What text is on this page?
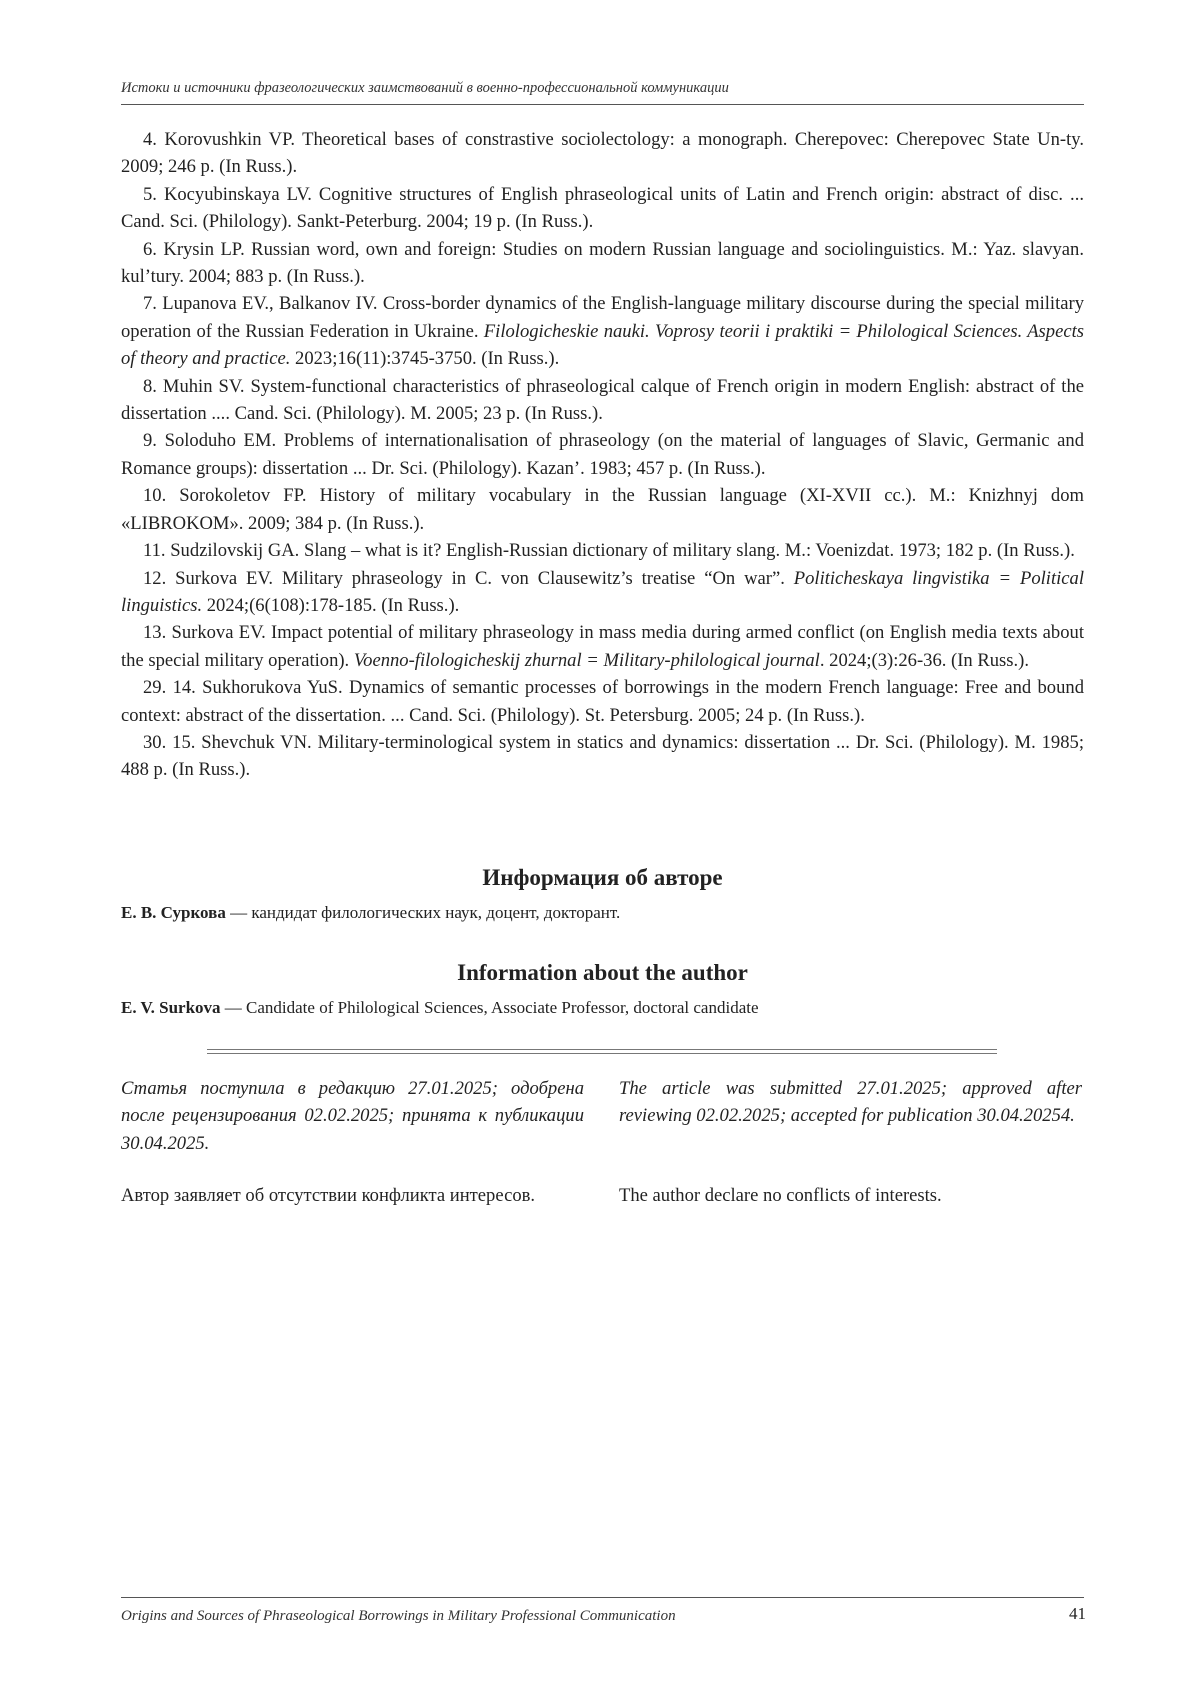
Истоки и источники фразеологических заимствований в военно-профессиональной коммуникации

4. Korovushkin VP. Theoretical bases of constrastive sociolectology: a monograph. Cherepovec: Cherepovec State Un-ty. 2009; 246 p. (In Russ.).

5. Kocyubinskaya LV. Cognitive structures of English phraseological units of Latin and French origin: abstract of disc. ... Cand. Sci. (Philology). Sankt-Peterburg. 2004; 19 p. (In Russ.).

6. Krysin LP. Russian word, own and foreign: Studies on modern Russian language and sociolinguistics. M.: Yaz. slavyan. kul’tury. 2004; 883 p. (In Russ.).

7. Lupanova EV., Balkanov IV. Cross-border dynamics of the English-language military discourse during the special military operation of the Russian Federation in Ukraine. Filologicheskie nauki. Voprosy teorii i praktiki = Philological Sciences. Aspects of theory and practice. 2023;16(11):3745-3750. (In Russ.).

8. Muhin SV. System-functional characteristics of phraseological calque of French origin in modern English: abstract of the dissertation .... Cand. Sci. (Philology). M. 2005; 23 p. (In Russ.).

9. Soloduho EM. Problems of internationalisation of phraseology (on the material of languages of Slavic, Germanic and Romance groups): dissertation ... Dr. Sci. (Philology). Kazan’. 1983; 457 p. (In Russ.).

10. Sorokoletov FP. History of military vocabulary in the Russian language (XI-XVII cc.). M.: Knizhnyj dom «LIBROKOM». 2009; 384 p. (In Russ.).

11. Sudzilovskij GA. Slang – what is it? English-Russian dictionary of military slang. M.: Voenizdat. 1973; 182 p. (In Russ.).

12. Surkova EV. Military phraseology in C. von Clausewitz’s treatise “On war”. Politicheskaya lingvistika = Political linguistics. 2024;(6(108):178-185. (In Russ.).

13. Surkova EV. Impact potential of military phraseology in mass media during armed conflict (on English media texts about the special military operation). Voenno-filologicheskij zhurnal = Military-philological journal. 2024;(3):26-36. (In Russ.).

29. 14. Sukhorukova YuS. Dynamics of semantic processes of borrowings in the modern French language: Free and bound context: abstract of the dissertation. ... Cand. Sci. (Philology). St. Petersburg. 2005; 24 p. (In Russ.).

30. 15. Shevchuk VN. Military-terminological system in statics and dynamics: dissertation ... Dr. Sci. (Philology). M. 1985; 488 p. (In Russ.).

Информация об авторе
Е. В. Суркова — кандидат филологических наук, доцент, докторант.
Information about the author
E. V. Surkova — Candidate of Philological Sciences, Associate Professor, doctoral candidate
Статья поступила в редакцию 27.01.2025; одобрена после рецензирования 02.02.2025; принята к публикации 30.04.2025.
The article was submitted 27.01.2025; approved after reviewing 02.02.2025; accepted for publication 30.04.20254.
Автор заявляет об отсутствии конфликта интересов.	The author declare no conflicts of interests.
Origins and Sources of Phraseological Borrowings in Military Professional Communication	41
